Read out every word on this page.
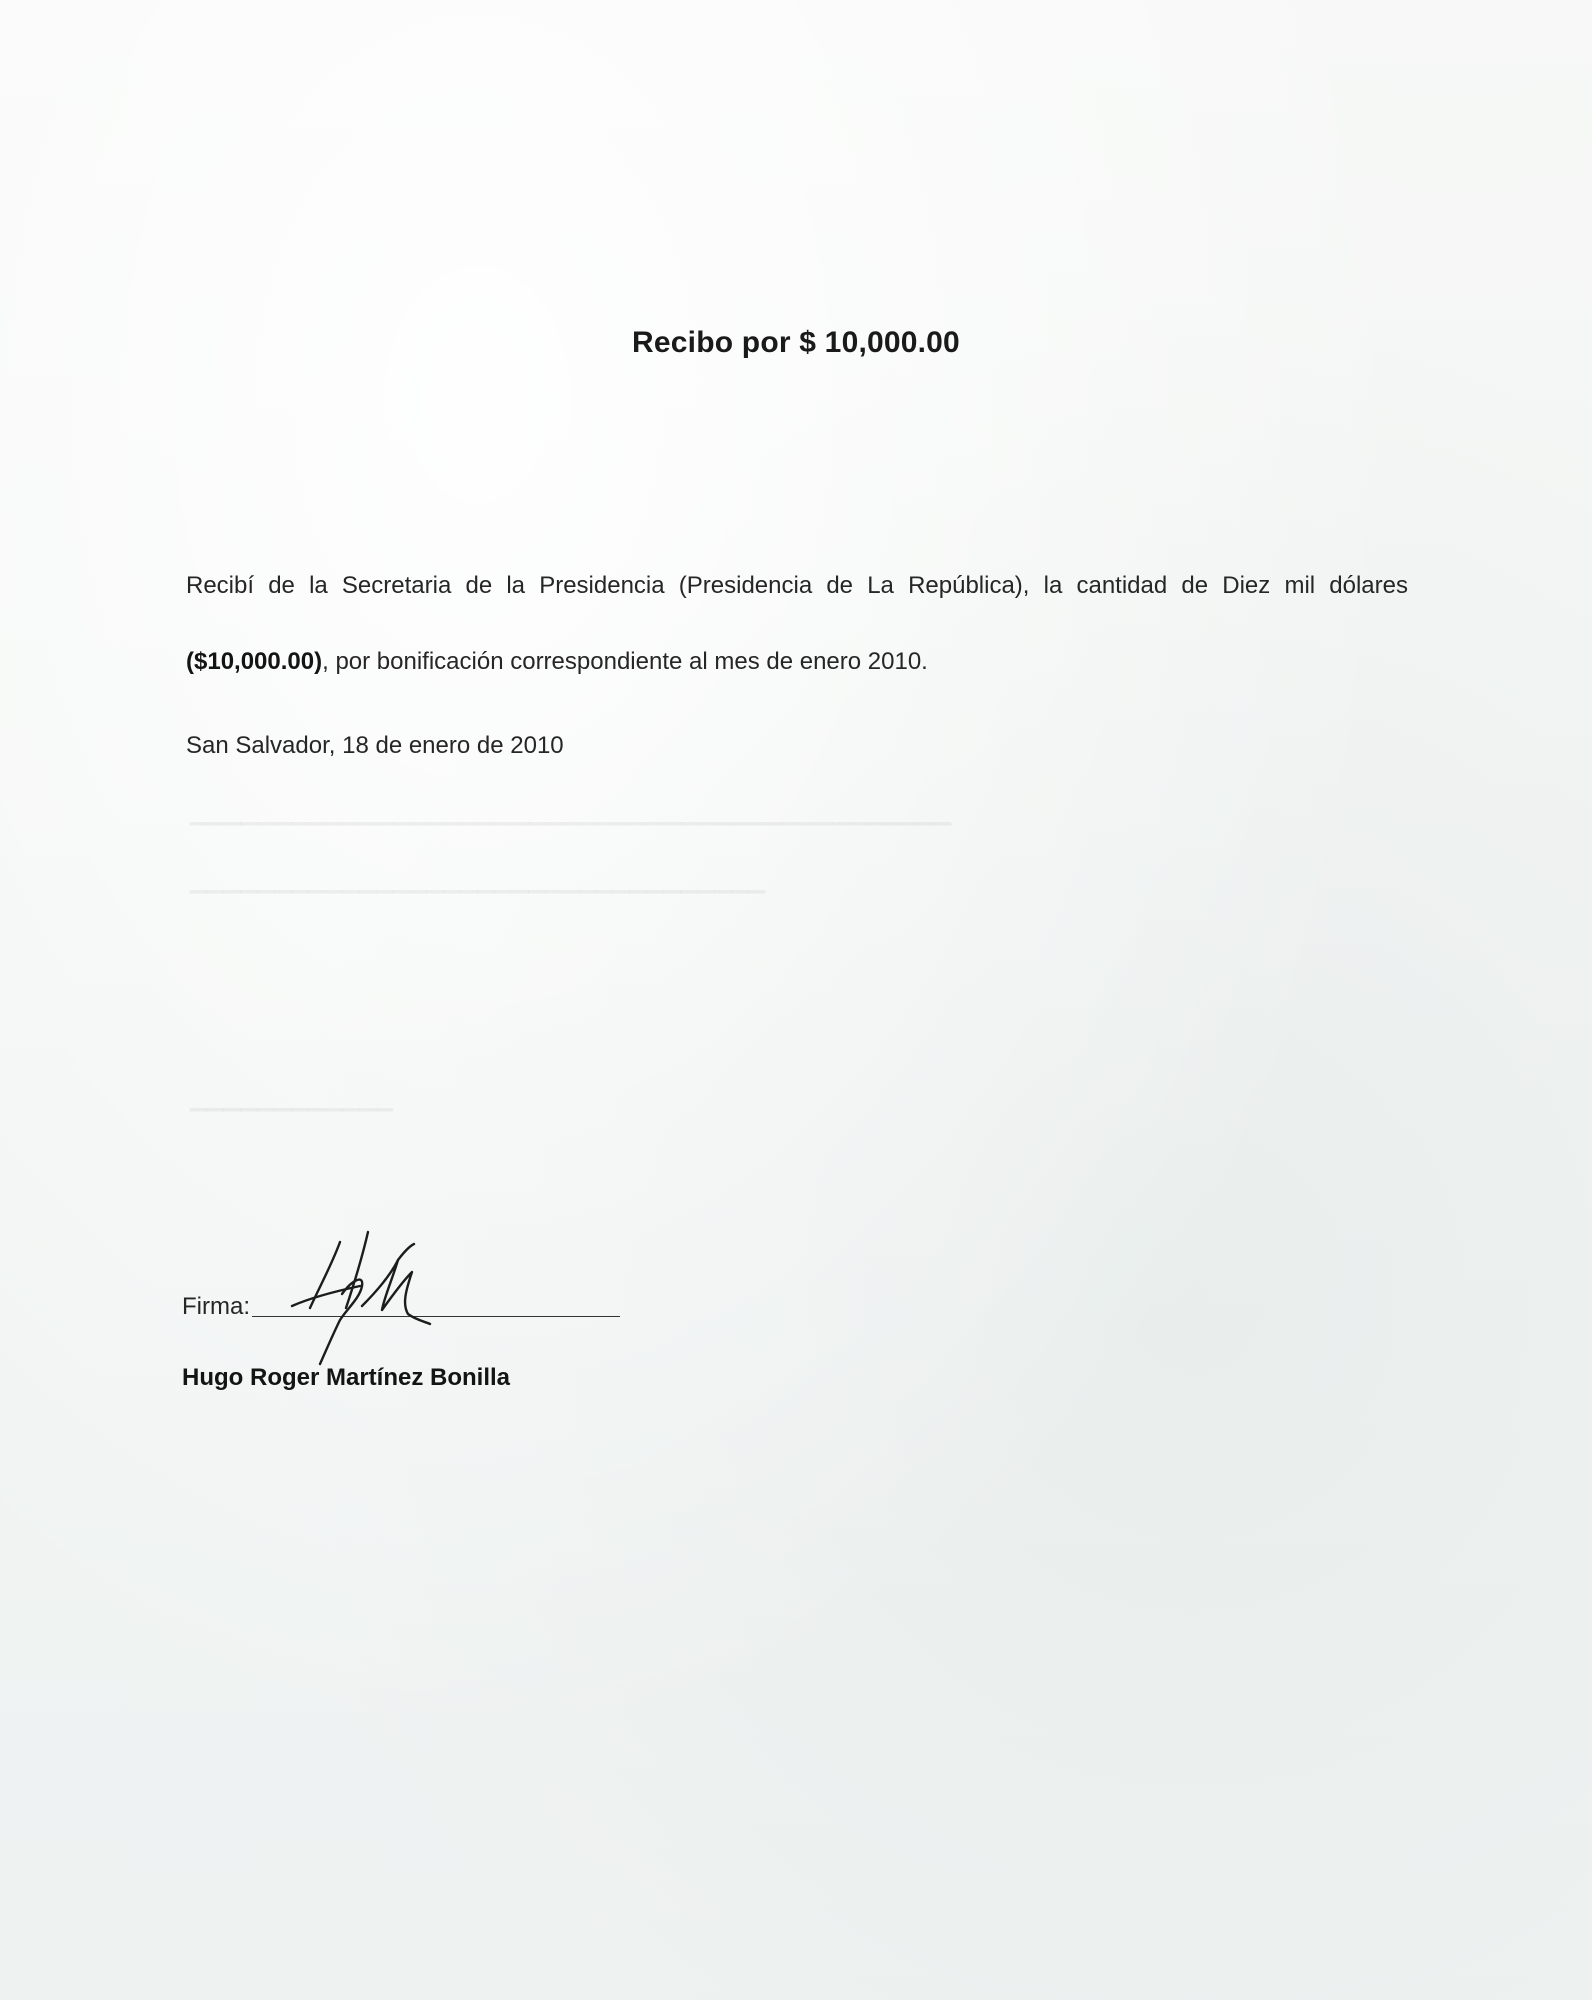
▁▁▁▁▁▁▁▁▁▁▁▁▁▁▁▁▁▁▁▁▁▁▁▁▁▁▁▁▁▁▁▁▁▁▁▁▁▁▁▁▁▁▁▁▁
▁▁▁▁▁▁▁▁▁▁▁▁▁▁▁▁▁▁▁▁▁▁▁▁▁▁▁▁▁▁▁▁▁▁
▁▁▁▁▁▁▁▁▁▁▁▁
Recibo por $ 10,000.00
Recibí de la Secretaria de la Presidencia (Presidencia de La República), la cantidad de Diez mil dólares ($10,000.00), por bonificación correspondiente al mes de enero 2010.
San Salvador, 18 de enero de 2010
Firma:
Hugo Roger Martínez Bonilla
